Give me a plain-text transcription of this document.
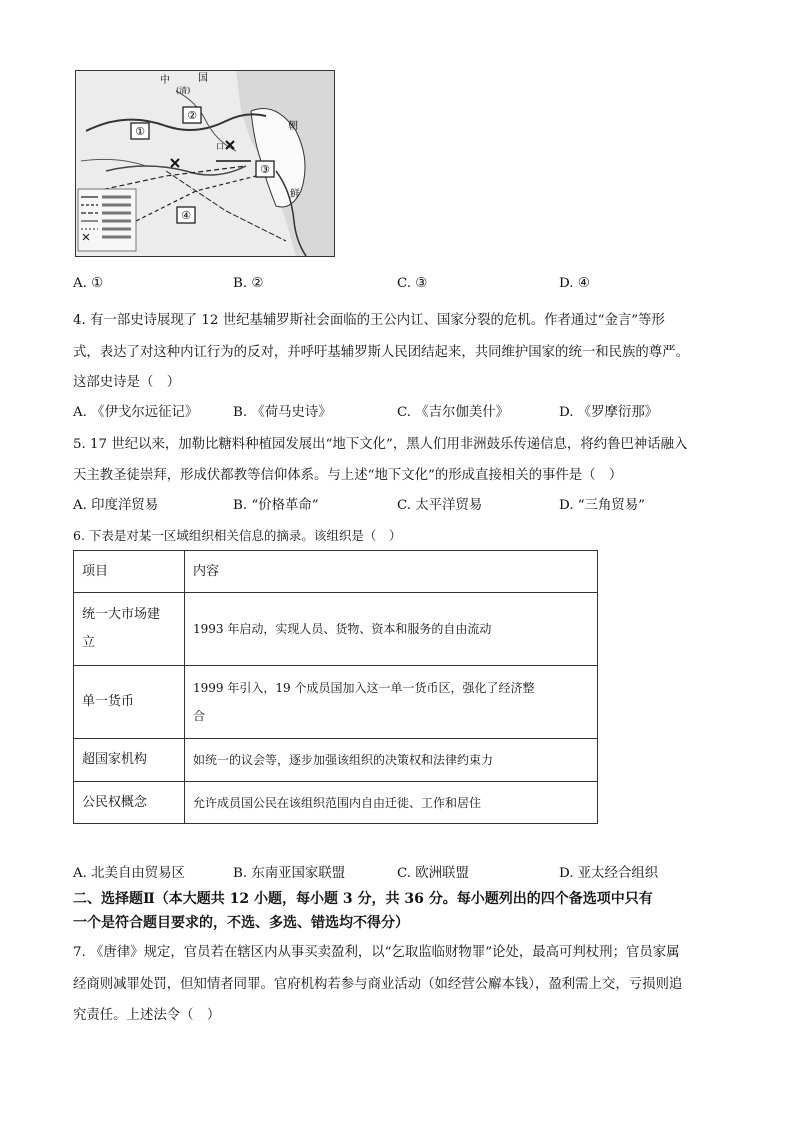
①
②
③
④
中	国
(清)
朝
鲜
口
A. ①	B. ②	C. ③	D. ④
4. 有一部史诗展现了 12 世纪基辅罗斯社会面临的王公内讧、国家分裂的危机。作者通过“金言”等形
式，表达了对这种内讧行为的反对，并呼吁基辅罗斯人民团结起来，共同维护国家的统一和民族的尊严。
这部史诗是（　）
A. 《伊戈尔远征记》	B. 《荷马史诗》	C. 《吉尔伽美什》	D. 《罗摩衍那》
5. 17 世纪以来，加勒比糖料种植园发展出“地下文化”，黑人们用非洲鼓乐传递信息，将约鲁巴神话融入
天主教圣徒崇拜，形成伏都教等信仰体系。与上述“地下文化”的形成直接相关的事件是（　）
A. 印度洋贸易	B. “价格革命”	C. 太平洋贸易	D. “三角贸易”
6. 下表是对某一区域组织相关信息的摘录。该组织是（　）
项目	内容

统一大市场建
立	1993 年启动，实现人员、货物、资本和服务的自由流动

单一货币	1999 年引入，19 个成员国加入这一单一货币区，强化了经济整
合

超国家机构	如统一的议会等，逐步加强该组织的决策权和法律约束力

公民权概念	允许成员国公民在该组织范围内自由迁徙、工作和居住
A. 北美自由贸易区	B. 东南亚国家联盟	C. 欧洲联盟	D. 亚太经合组织
二、选择题Ⅱ（本大题共 12 小题，每小题 3 分，共 36 分。每小题列出的四个备选项中只有
一个是符合题目要求的，不选、多选、错选均不得分）
7. 《唐律》规定，官员若在辖区内从事买卖盈利，以“乞取监临财物罪”论处，最高可判杖刑；官员家属
经商则减罪处罚，但知情者同罪。官府机构若参与商业活动（如经营公廨本钱），盈利需上交，亏损则追
究责任。上述法令（　）
